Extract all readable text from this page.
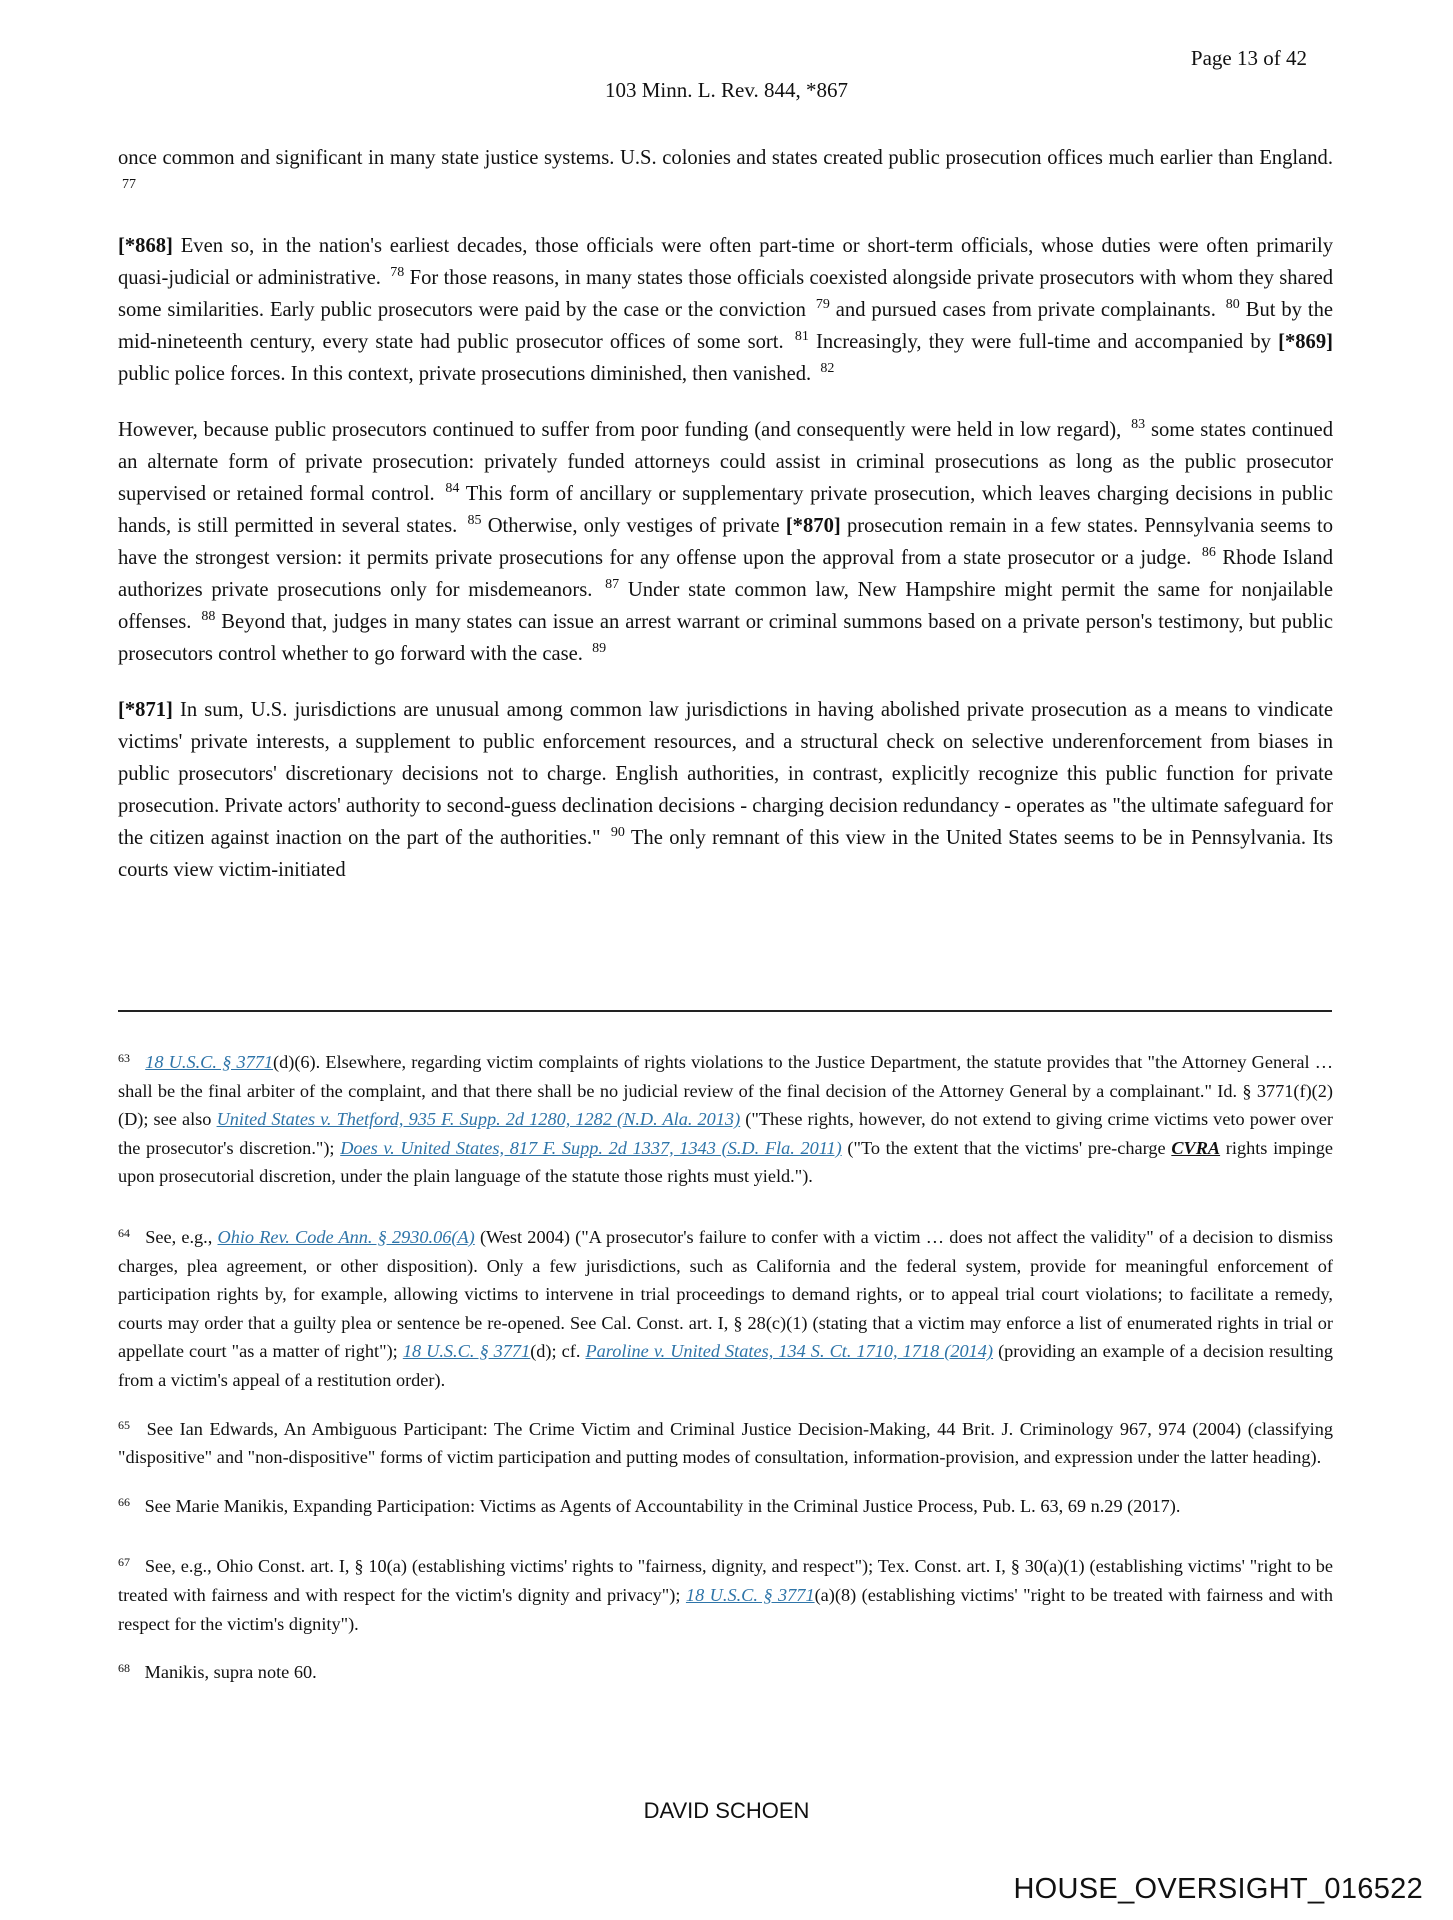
Page 13 of 42
103 Minn. L. Rev. 844, *867

once common and significant in many state justice systems. U.S. colonies and states created public prosecution offices much earlier than England. $^{77}$

[*868] Even so, in the nation's earliest decades, those officials were often part-time or short-term officials, whose duties were often primarily quasi-judicial or administrative. $^{78}$ For those reasons, in many states those officials coexisted alongside private prosecutors with whom they shared some similarities. Early public prosecutors were paid by the case or the conviction $^{79}$ and pursued cases from private complainants. $^{80}$ But by the mid-nineteenth century, every state had public prosecutor offices of some sort. $^{81}$ Increasingly, they were full-time and accompanied by [*869] public police forces. In this context, private prosecutions diminished, then vanished. $^{82}$

However, because public prosecutors continued to suffer from poor funding (and consequently were held in low regard), $^{83}$ some states continued an alternate form of private prosecution: privately funded attorneys could assist in criminal prosecutions as long as the public prosecutor supervised or retained formal control. $^{84}$ This form of ancillary or supplementary private prosecution, which leaves charging decisions in public hands, is still permitted in several states. $^{85}$ Otherwise, only vestiges of private [*870] prosecution remain in a few states. Pennsylvania seems to have the strongest version: it permits private prosecutions for any offense upon the approval from a state prosecutor or a judge. $^{86}$ Rhode Island authorizes private prosecutions only for misdemeanors. $^{87}$ Under state common law, New Hampshire might permit the same for nonjailable offenses. $^{88}$ Beyond that, judges in many states can issue an arrest warrant or criminal summons based on a private person's testimony, but public prosecutors control whether to go forward with the case. $^{89}$

[*871] In sum, U.S. jurisdictions are unusual among common law jurisdictions in having abolished private prosecution as a means to vindicate victims' private interests, a supplement to public enforcement resources, and a structural check on selective underenforcement from biases in public prosecutors' discretionary decisions not to charge. English authorities, in contrast, explicitly recognize this public function for private prosecution. Private actors' authority to second-guess declination decisions - charging decision redundancy - operates as "the ultimate safeguard for the citizen against inaction on the part of the authorities." $^{90}$ The only remnant of this view in the United States seems to be in Pennsylvania. Its courts view victim-initiated

$^{63}$ 18 U.S.C. § 3771(d)(6). Elsewhere, regarding victim complaints of rights violations to the Justice Department, the statute provides that "the Attorney General … shall be the final arbiter of the complaint, and that there shall be no judicial review of the final decision of the Attorney General by a complainant." Id. § 3771(f)(2)(D); see also United States v. Thetford, 935 F. Supp. 2d 1280, 1282 (N.D. Ala. 2013) ("These rights, however, do not extend to giving crime victims veto power over the prosecutor's discretion."); Does v. United States, 817 F. Supp. 2d 1337, 1343 (S.D. Fla. 2011) ("To the extent that the victims' pre-charge CVRA rights impinge upon prosecutorial discretion, under the plain language of the statute those rights must yield.").
$^{64}$ See, e.g., Ohio Rev. Code Ann. § 2930.06(A) (West 2004) ("A prosecutor's failure to confer with a victim … does not affect the validity" of a decision to dismiss charges, plea agreement, or other disposition). Only a few jurisdictions, such as California and the federal system, provide for meaningful enforcement of participation rights by, for example, allowing victims to intervene in trial proceedings to demand rights, or to appeal trial court violations; to facilitate a remedy, courts may order that a guilty plea or sentence be re-opened. See Cal. Const. art. I, § 28(c)(1) (stating that a victim may enforce a list of enumerated rights in trial or appellate court "as a matter of right"); 18 U.S.C. § 3771(d); cf. Paroline v. United States, 134 S. Ct. 1710, 1718 (2014) (providing an example of a decision resulting from a victim's appeal of a restitution order).
$^{65}$ See Ian Edwards, An Ambiguous Participant: The Crime Victim and Criminal Justice Decision-Making, 44 Brit. J. Criminology 967, 974 (2004) (classifying "dispositive" and "non-dispositive" forms of victim participation and putting modes of consultation, information-provision, and expression under the latter heading).
$^{66}$ See Marie Manikis, Expanding Participation: Victims as Agents of Accountability in the Criminal Justice Process, Pub. L. 63, 69 n.29 (2017).
$^{67}$ See, e.g., Ohio Const. art. I, § 10(a) (establishing victims' rights to "fairness, dignity, and respect"); Tex. Const. art. I, § 30(a)(1) (establishing victims' "right to be treated with fairness and with respect for the victim's dignity and privacy"); 18 U.S.C. § 3771(a)(8) (establishing victims' "right to be treated with fairness and with respect for the victim's dignity").
$^{68}$ Manikis, supra note 60.
DAVID SCHOEN
HOUSE_OVERSIGHT_016522
